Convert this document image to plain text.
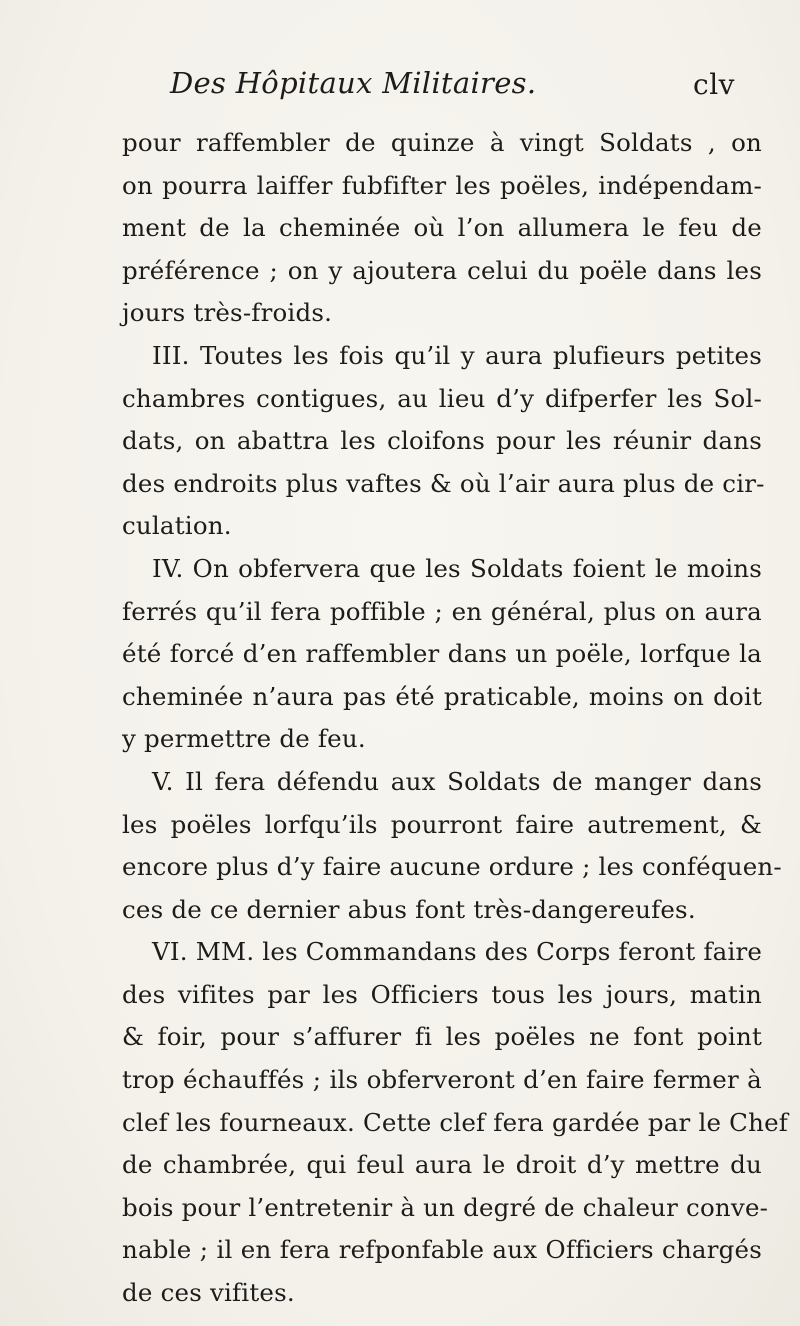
Des Hôpitaux Militaires.	clv
pour raffembler de quinze à vingt Soldats , on
on pourra laiffer fubfifter les poëles, indépendam-
ment de la cheminée où l’on allumera le feu de
préférence ; on y ajoutera celui du poële dans les
jours très-froids.
III. Toutes les fois qu’il y aura plufieurs petites
chambres contigues, au lieu d’y difperfer les Sol-
dats, on abattra les cloifons pour les réunir dans
des endroits plus vaftes & où l’air aura plus de cir-
culation.
IV. On obfervera que les Soldats foient le moins
ferrés qu’il fera poffible ; en général, plus on aura
été forcé d’en raffembler dans un poële, lorfque la
cheminée n’aura pas été praticable, moins on doit
y permettre de feu.
V. Il fera défendu aux Soldats de manger dans
les poëles lorfqu’ils pourront faire autrement, &
encore plus d’y faire aucune ordure ; les conféquen-
ces de ce dernier abus font très-dangereufes.
VI. MM. les Commandans des Corps feront faire
des vifites par les Officiers tous les jours, matin
& foir, pour s’affurer fi les poëles ne font point
trop échauffés ; ils obferveront d’en faire fermer à
clef les fourneaux. Cette clef fera gardée par le Chef
de chambrée, qui feul aura le droit d’y mettre du
bois pour l’entretenir à un degré de chaleur conve-
nable ; il en fera refponfable aux Officiers chargés
de ces vifites.
